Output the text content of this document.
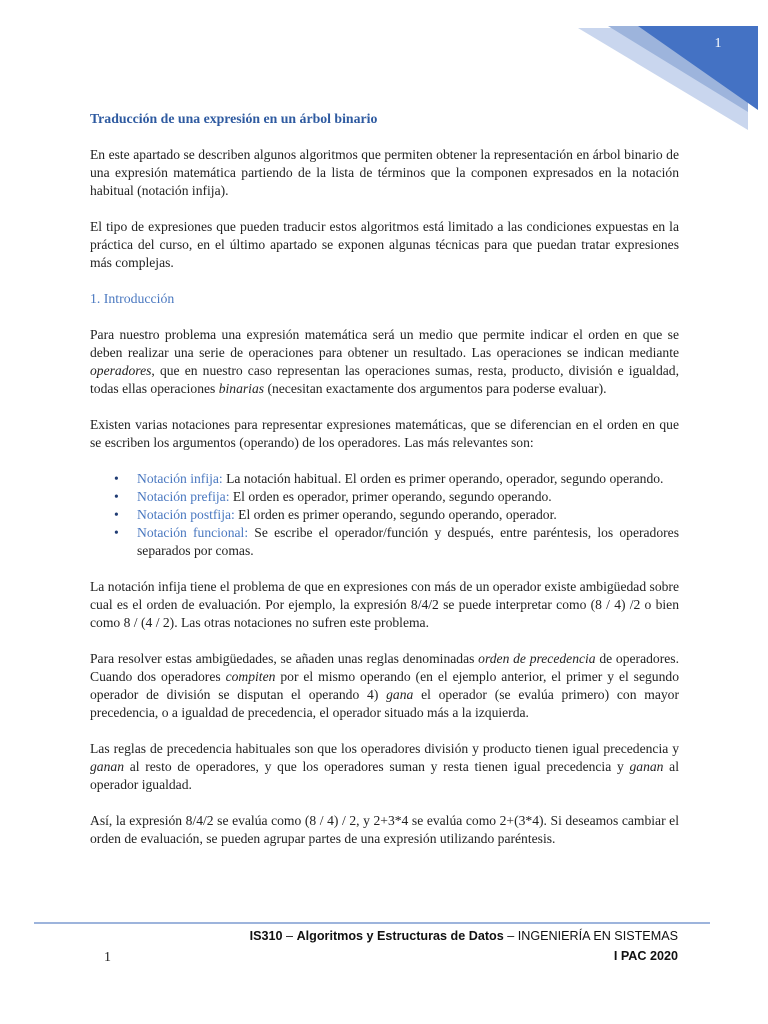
1
Traducción de una expresión en un árbol binario

En este apartado se describen algunos algoritmos que permiten obtener la representación en árbol binario de una expresión matemática partiendo de la lista de términos que la componen expresados en la notación habitual (notación infija).

El tipo de expresiones que pueden traducir estos algoritmos está limitado a las condiciones expuestas en la práctica del curso, en el último apartado se exponen algunas técnicas para que puedan tratar expresiones más complejas.

1. Introducción

Para nuestro problema una expresión matemática será un medio que permite indicar el orden en que se deben realizar una serie de operaciones para obtener un resultado. Las operaciones se indican mediante operadores, que en nuestro caso representan las operaciones sumas, resta, producto, división e igualdad, todas ellas operaciones binarias (necesitan exactamente dos argumentos para poderse evaluar).

Existen varias notaciones para representar expresiones matemáticas, que se diferencian en el orden en que se escriben los argumentos (operando) de los operadores. Las más relevantes son:

• Notación infija: La notación habitual. El orden es primer operando, operador, segundo operando.
• Notación prefija: El orden es operador, primer operando, segundo operando.
• Notación postfija: El orden es primer operando, segundo operando, operador.
• Notación funcional: Se escribe el operador/función y después, entre paréntesis, los operadores separados por comas.

La notación infija tiene el problema de que en expresiones con más de un operador existe ambigüedad sobre cual es el orden de evaluación. Por ejemplo, la expresión 8/4/2 se puede interpretar como (8 / 4) /2 o bien como 8 / (4 / 2). Las otras notaciones no sufren este problema.

Para resolver estas ambigüedades, se añaden unas reglas denominadas orden de precedencia de operadores. Cuando dos operadores compiten por el mismo operando (en el ejemplo anterior, el primer y el segundo operador de división se disputan el operando 4) gana el operador (se evalúa primero) con mayor precedencia, o a igualdad de precedencia, el operador situado más a la izquierda.

Las reglas de precedencia habituales son que los operadores división y producto tienen igual precedencia y ganan al resto de operadores, y que los operadores suman y resta tienen igual precedencia y ganan al operador igualdad.

Así, la expresión 8/4/2 se evalúa como (8 / 4) / 2, y 2+3*4 se evalúa como 2+(3*4). Si deseamos cambiar el orden de evaluación, se pueden agrupar partes de una expresión utilizando paréntesis.

IS310 – Algoritmos y Estructuras de Datos – INGENIERÍA EN SISTEMAS
I PAC 2020
1
